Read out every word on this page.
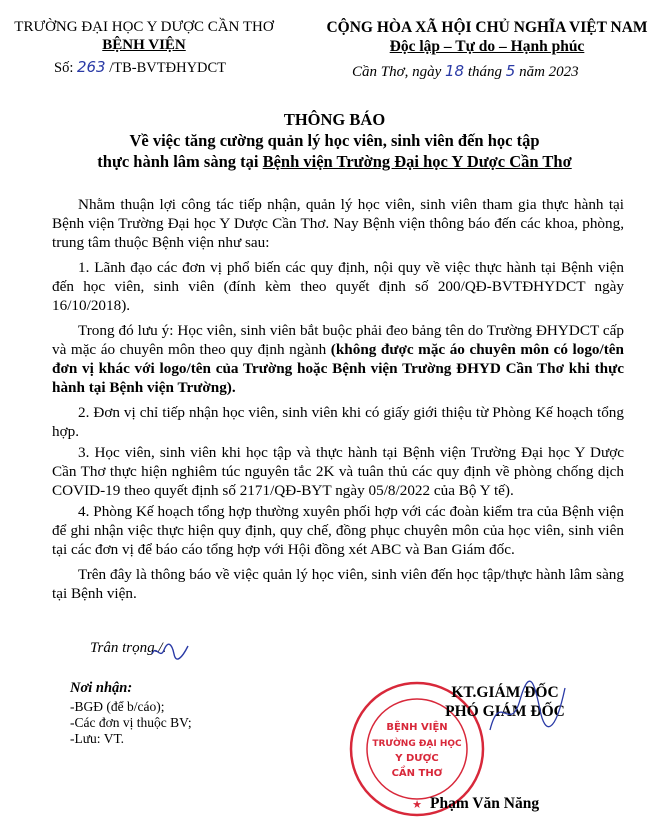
TRƯỜNG ĐẠI HỌC Y DƯỢC CẦN THƠ
BỆNH VIỆN
Số: 263 /TB-BVTĐHYDCT
CỘNG HÒA XÃ HỘI CHỦ NGHĨA VIỆT NAM
Độc lập – Tự do – Hạnh phúc
Cần Thơ, ngày 18 tháng 5 năm 2023
THÔNG BÁO
Về việc tăng cường quản lý học viên, sinh viên đến học tập
thực hành lâm sàng tại Bệnh viện Trường Đại học Y Dược Cần Thơ

Nhằm thuận lợi công tác tiếp nhận, quản lý học viên, sinh viên tham gia thực hành tại Bệnh viện Trường Đại học Y Dược Cần Thơ. Nay Bệnh viện thông báo đến các khoa, phòng, trung tâm thuộc Bệnh viện như sau:

1. Lãnh đạo các đơn vị phổ biến các quy định, nội quy về việc thực hành tại Bệnh viện đến học viên, sinh viên (đính kèm theo quyết định số 200/QĐ-BVTĐHYDCT ngày 16/10/2018).

Trong đó lưu ý: Học viên, sinh viên bắt buộc phải đeo bảng tên do Trường ĐHYDCT cấp và mặc áo chuyên môn theo quy định ngành (không được mặc áo chuyên môn có logo/tên đơn vị khác với logo/tên của Trường hoặc Bệnh viện Trường ĐHYD Cần Thơ khi thực hành tại Bệnh viện Trường).

2. Đơn vị chỉ tiếp nhận học viên, sinh viên khi có giấy giới thiệu từ Phòng Kế hoạch tổng hợp.

3. Học viên, sinh viên khi học tập và thực hành tại Bệnh viện Trường Đại học Y Dược Cần Thơ thực hiện nghiêm túc nguyên tắc 2K và tuân thủ các quy định về phòng chống dịch COVID-19 theo quyết định số 2171/QĐ-BYT ngày 05/8/2022 của Bộ Y tế).

4. Phòng Kế hoạch tổng hợp thường xuyên phối hợp với các đoàn kiểm tra của Bệnh viện để ghi nhận việc thực hiện quy định, quy chế, đồng phục chuyên môn của học viên, sinh viên tại các đơn vị để báo cáo tổng hợp với Hội đồng xét ABC và Ban Giám đốc.

Trên đây là thông báo về việc quản lý học viên, sinh viên đến học tập/thực hành lâm sàng tại Bệnh viện.

Trân trọng./.
Nơi nhận:
-BGĐ (để b/cáo);
-Các đơn vị thuộc BV;
-Lưu: VT.
BỆNH VIỆN
TRƯỜNG ĐẠI HỌC
Y DƯỢC
CẦN THƠ
★
KT.GIÁM ĐỐC
PHÓ GIÁM ĐỐC
Phạm Văn Năng
